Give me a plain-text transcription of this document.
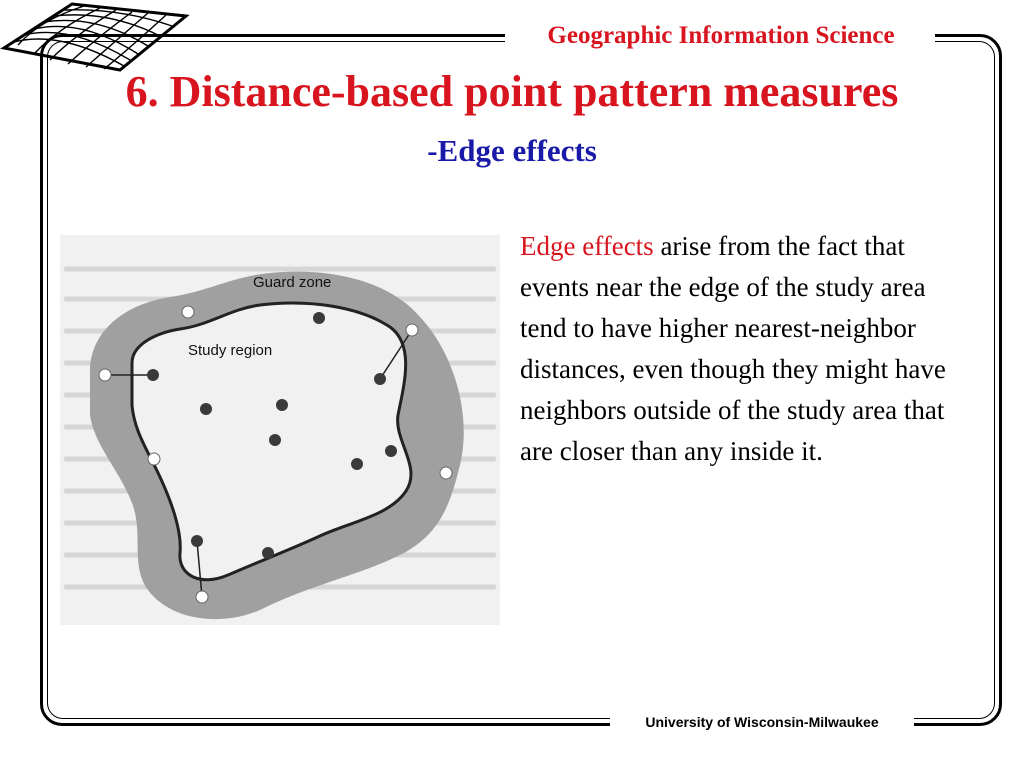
Geographic Information Science
6. Distance-based point pattern measures
-Edge effects
Guard zone
Study region
Edge effects arise from the fact that events near the edge of the study area tend to have higher nearest-neighbor distances, even though they might have neighbors outside of the study area that are closer than any inside it.
University of Wisconsin-Milwaukee
